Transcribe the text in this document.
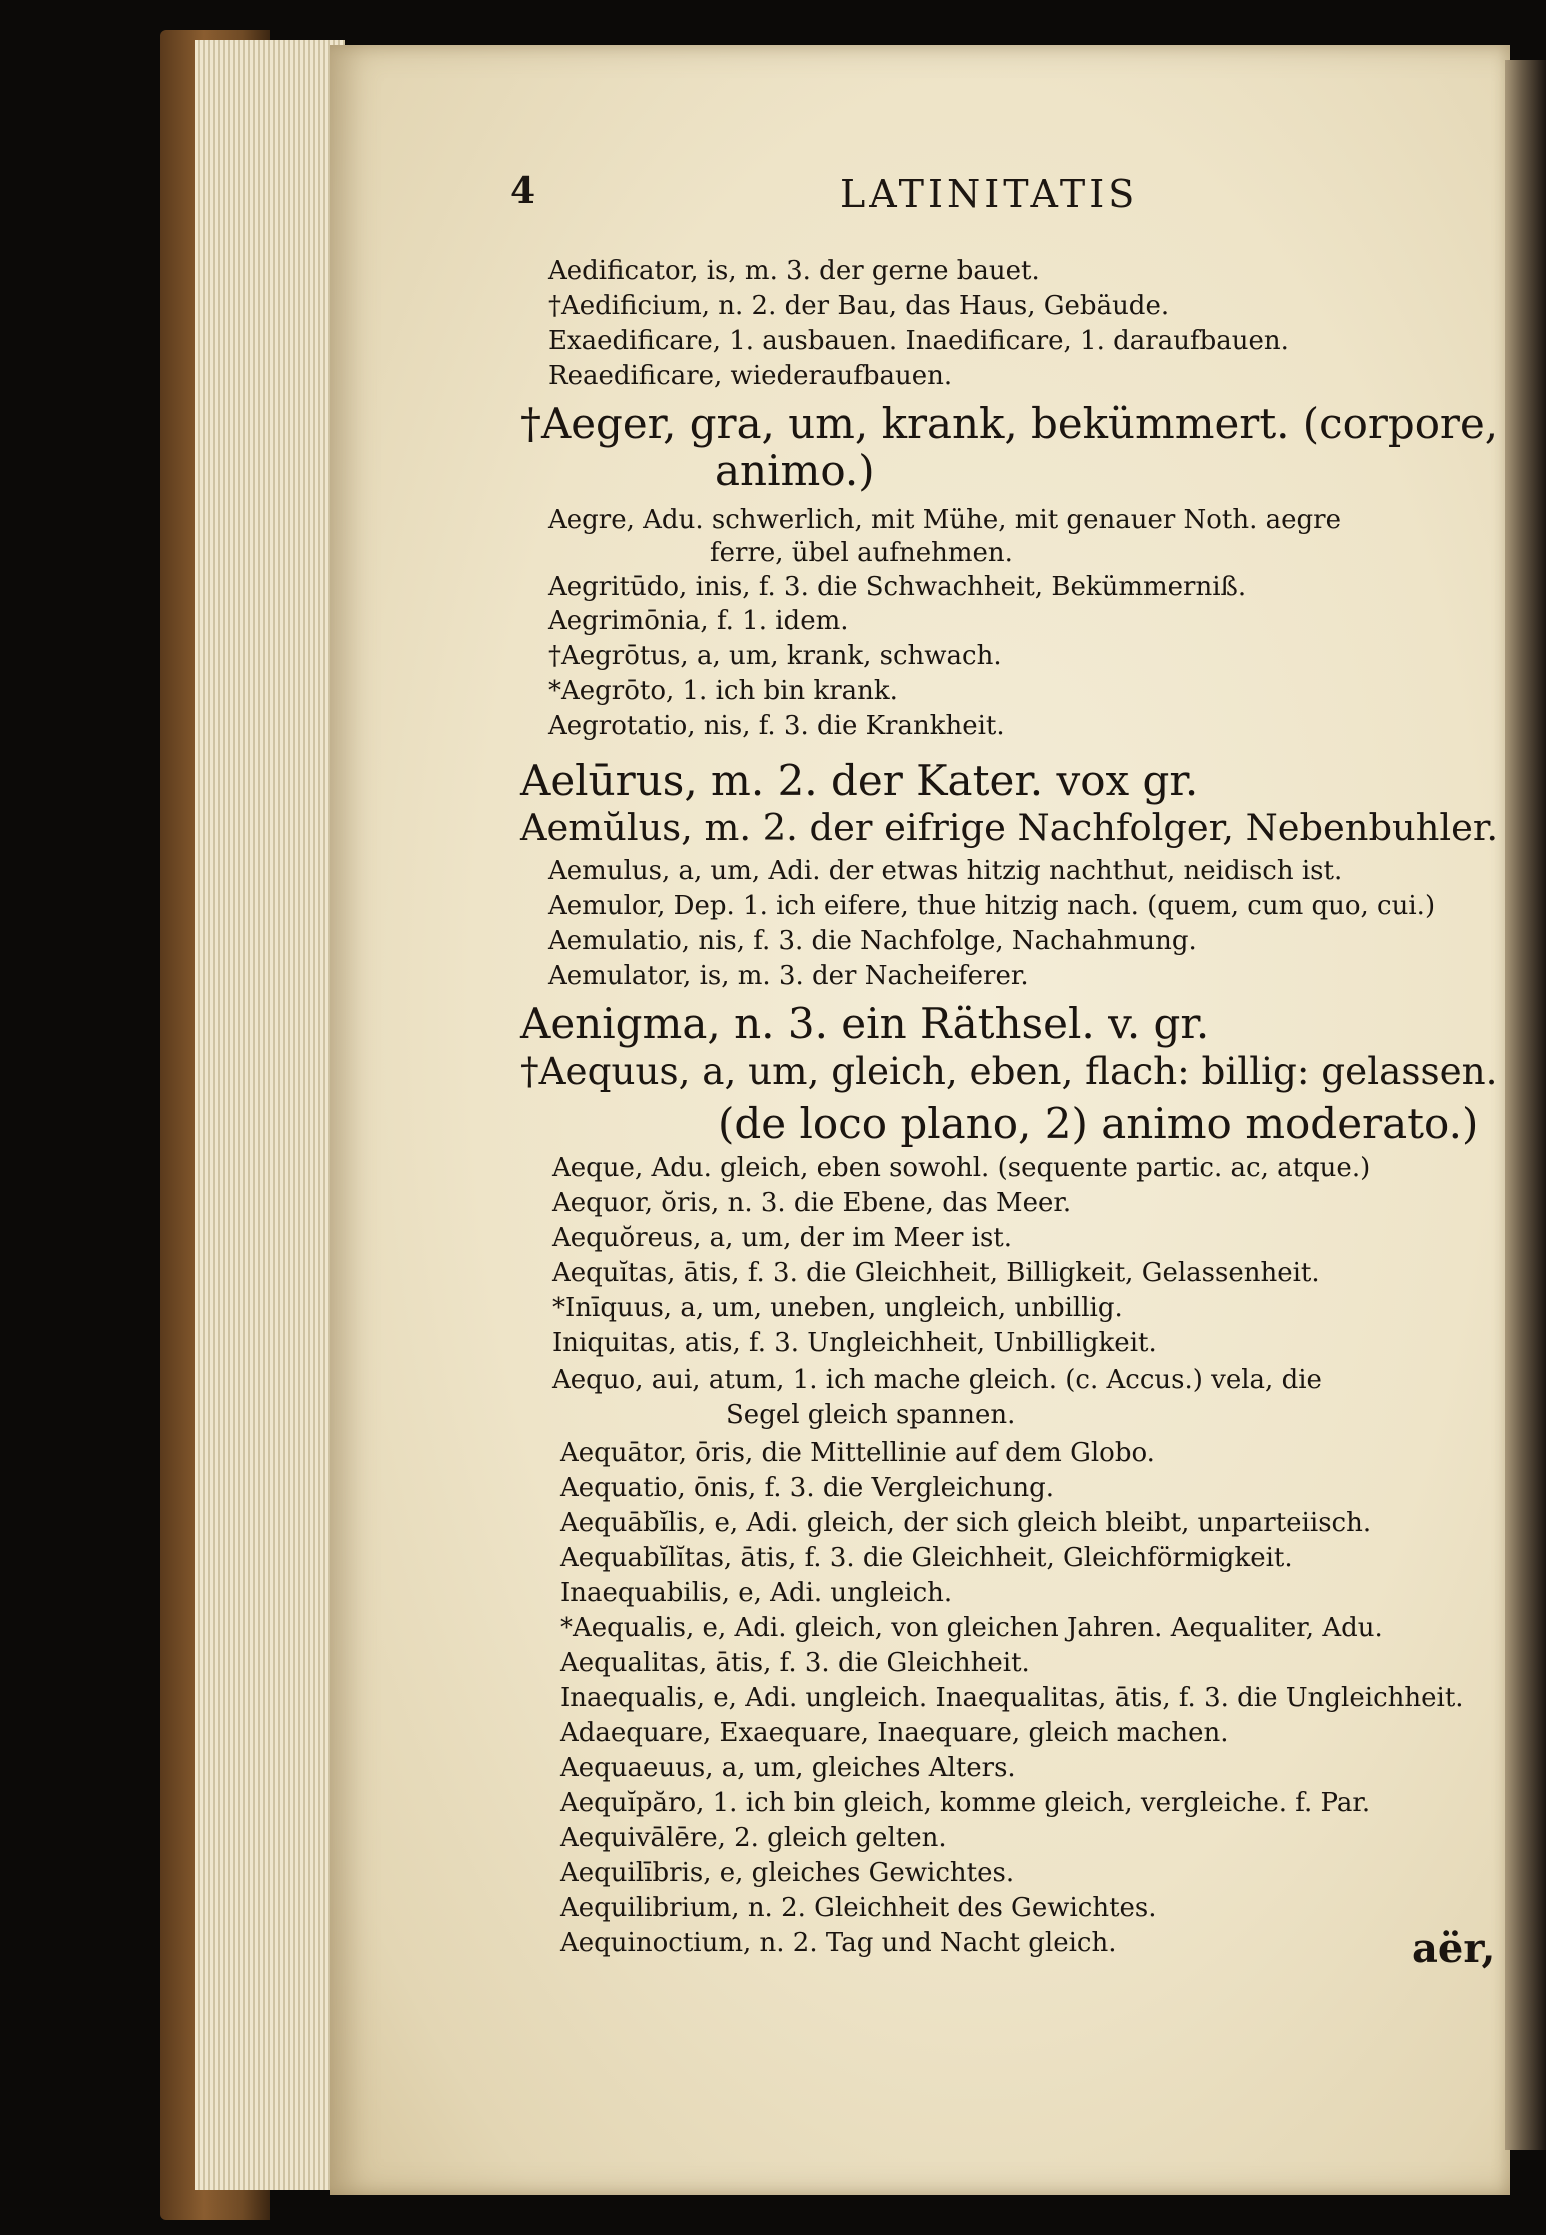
4	LATINITATIS
Aedificator, is, m. 3. der gerne bauet.
†Aedificium, n. 2. der Bau, das Haus, Gebäude.
Exaedificare, 1. ausbauen. Inaedificare, 1. daraufbauen.
Reaedificare, wiederaufbauen.
†Aeger, gra, um, krank, bekümmert. (corpore,
animo.)
Aegre, Adu. schwerlich, mit Mühe, mit genauer Noth. aegre
ferre, übel aufnehmen.
Aegritūdo, inis, f. 3. die Schwachheit, Bekümmerniß.
Aegrimōnia, f. 1. idem.
†Aegrōtus, a, um, krank, schwach.
*Aegrōto, 1. ich bin krank.
Aegrotatio, nis, f. 3. die Krankheit.
Aelūrus, m. 2. der Kater. vox gr.
Aemŭlus, m. 2. der eifrige Nachfolger, Nebenbuhler.
Aemulus, a, um, Adi. der etwas hitzig nachthut, neidisch ist.
Aemulor, Dep. 1. ich eifere, thue hitzig nach. (quem, cum quo, cui.)
Aemulatio, nis, f. 3. die Nachfolge, Nachahmung.
Aemulator, is, m. 3. der Nacheiferer.
Aenigma, n. 3. ein Räthsel. v. gr.
†Aequus, a, um, gleich, eben, flach: billig: gelassen.
(de loco plano, 2) animo moderato.)
Aeque, Adu. gleich, eben sowohl. (sequente partic. ac, atque.)
Aequor, ŏris, n. 3. die Ebene, das Meer.
Aequŏreus, a, um, der im Meer ist.
Aequĭtas, ātis, f. 3. die Gleichheit, Billigkeit, Gelassenheit.
*Inīquus, a, um, uneben, ungleich, unbillig.
Iniquitas, atis, f. 3. Ungleichheit, Unbilligkeit.
Aequo, aui, atum, 1. ich mache gleich. (c. Accus.) vela, die
Segel gleich spannen.
Aequātor, ōris, die Mittellinie auf dem Globo.
Aequatio, ōnis, f. 3. die Vergleichung.
Aequābĭlis, e, Adi. gleich, der sich gleich bleibt, unparteiisch.
Aequabĭlĭtas, ātis, f. 3. die Gleichheit, Gleichförmigkeit.
Inaequabilis, e, Adi. ungleich.
*Aequalis, e, Adi. gleich, von gleichen Jahren. Aequaliter, Adu.
Aequalitas, ātis, f. 3. die Gleichheit.
Inaequalis, e, Adi. ungleich. Inaequalitas, ātis, f. 3. die Ungleichheit.
Adaequare, Exaequare, Inaequare, gleich machen.
Aequaeuus, a, um, gleiches Alters.
Aequĭpăro, 1. ich bin gleich, komme gleich, vergleiche. f. Par.
Aequivālēre, 2. gleich gelten.
Aequilībris, e, gleiches Gewichtes.
Aequilibrium, n. 2. Gleichheit des Gewichtes.
Aequinoctium, n. 2. Tag und Nacht gleich.	aër,
